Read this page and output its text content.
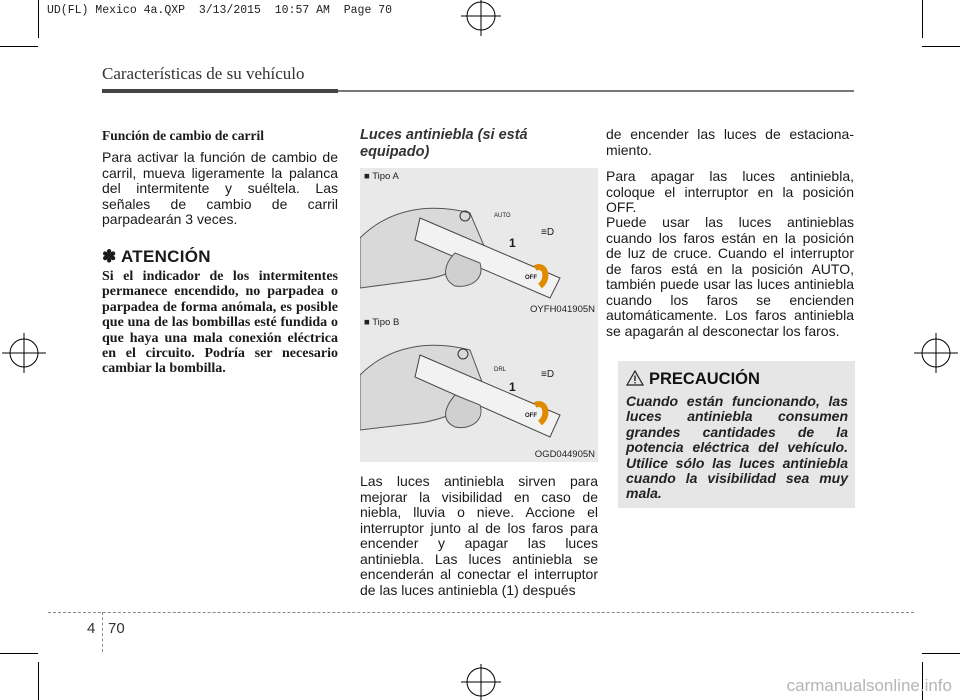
UD(FL) Mexico 4a.QXP  3/13/2015  10:57 AM  Page 70
Características de su vehículo
Función de cambio de carril
Para activar la función de cambio de carril, mueva ligeramente la palanca del intermitente y suéltela. Las señales de cambio de carril parpadearán 3 veces.
✽ ATENCIÓN
Si el indicador de los intermitentes permanece encendido, no parpadea o parpadea de forma anómala, es posible que una de las bombillas esté fundida o que haya una mala conexión eléctrica en el circuito. Podría ser necesario cambiar la bombilla.
Luces antiniebla (si está equipado)
■ Tipo A
AUTO
1
OFF
≡D
OYFH041905N
■ Tipo B
DRL
1
OFF
≡D
OGD044905N
Las luces antiniebla sirven para mejorar la visibilidad en caso de niebla, lluvia o nieve. Accione el interruptor junto al de los faros para encender y apagar las luces antiniebla. Las luces antiniebla se encenderán al conectar el interruptor de las luces antiniebla (1) después
de encender las luces de estaciona-miento.
Para apagar las luces antiniebla, coloque el interruptor en la posición OFF.
Puede usar las luces antinieblas cuando los faros están en la posición de luz de cruce. Cuando el interruptor de faros está en la posición AUTO, también puede usar las luces antiniebla cuando los faros se encienden automáticamente. Los faros antiniebla se apagarán al desconectar los faros.
PRECAUCIÓN
Cuando están funcionando, las luces antiniebla consumen grandes cantidades de la potencia eléctrica del vehículo. Utilice sólo las luces antiniebla cuando la visibilidad sea muy mala.
4 70
carmanualsonline.info
